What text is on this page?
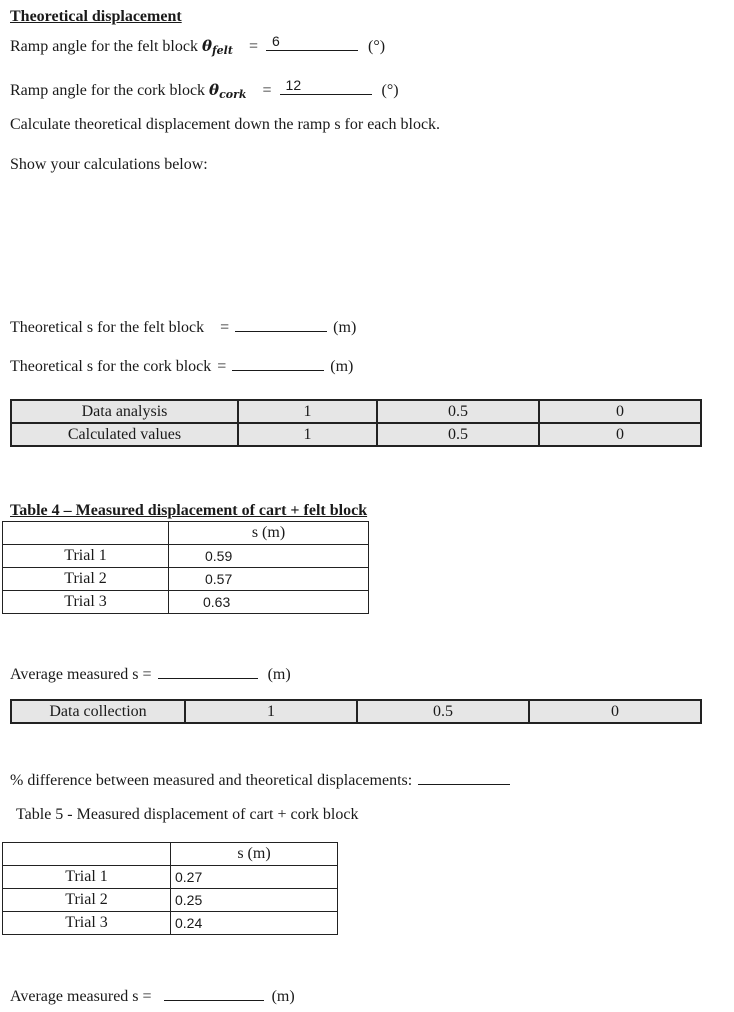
Theoretical displacement
Ramp angle for the felt block $\theta_{felt} = 6$	(°)
Ramp angle for the cork block $\theta_{cork} = 12$	(°)
Calculate theoretical displacement down the ramp s for each block.
Show your calculations below:
Theoretical s for the felt block =	(m)
Theoretical s for the cork block =	(m)
Data analysis	1	0.5	0
Calculated values	1	0.5	0
Table 4 – Measured displacement of cart + felt block
	s (m)
Trial 1	0.59
Trial 2	0.57
Trial 3	0.63
Average measured s =	(m)
Data collection	1	0.5	0
% difference between measured and theoretical displacements:
Table 5 - Measured displacement of cart + cork block
	s (m)
Trial 1	0.27
Trial 2	0.25
Trial 3	0.24
Average measured s =	(m)
